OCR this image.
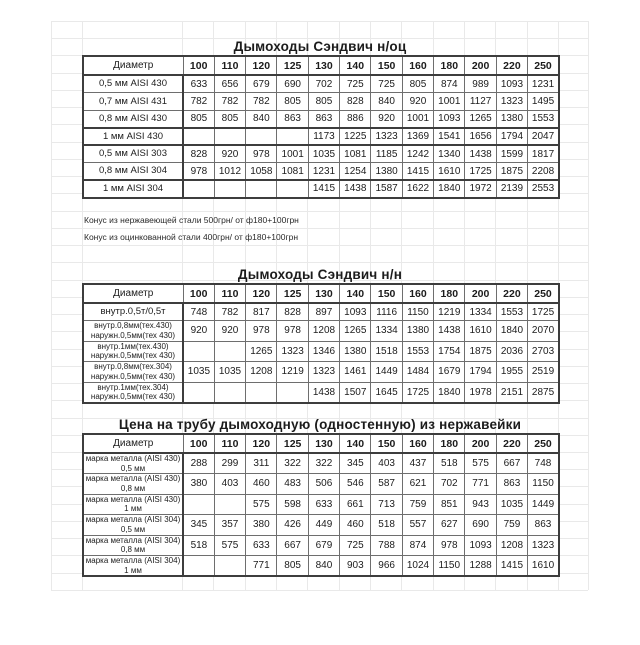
Дымоходы Сэндвич н/оц
Диаметр	100	110	120	125	130	140	150	160	180	200	220	250

0,5 мм AISI 430	633	656	679	690	702	725	725	805	874	989	1093	1231

0,7 мм AISI 431	782	782	782	805	805	828	840	920	1001	1127	1323	1495

0,8 мм AISI 430	805	805	840	863	863	886	920	1001	1093	1265	1380	1553

1 мм AISI 430					1173	1225	1323	1369	1541	1656	1794	2047

0,5 мм AISI 303	828	920	978	1001	1035	1081	1185	1242	1340	1438	1599	1817

0,8 мм AISI 304	978	1012	1058	1081	1231	1254	1380	1415	1610	1725	1875	2208

1 мм AISI 304					1415	1438	1587	1622	1840	1972	2139	2553
Конус из нержавеющей стали 500грн/ от ф180+100грн
Конус из оцинкованной стали 400грн/ от ф180+100грн
Дымоходы Сэндвич н/н
Диаметр	100	110	120	125	130	140	150	160	180	200	220	250

внутр.0,5т/0,5т	748	782	817	828	897	1093	1116	1150	1219	1334	1553	1725

внутр.0,8мм(тех.430)
наружн.0,5мм(тех 430)	920	920	978	978	1208	1265	1334	1380	1438	1610	1840	2070

внутр.1мм(тех.430)
наружн.0,5мм(тех 430)			1265	1323	1346	1380	1518	1553	1754	1875	2036	2703

внутр.0,8мм(тех.304)
наружн.0,5мм(тех 430)	1035	1035	1208	1219	1323	1461	1449	1484	1679	1794	1955	2519

внутр.1мм(тех.304)
наружн.0,5мм(тех 430)					1438	1507	1645	1725	1840	1978	2151	2875
Цена на трубу дымоходную (одностенную) из нержавейки
Диаметр	100	110	120	125	130	140	150	160	180	200	220	250

марка металла (AISI 430)
0,5 мм	288	299	311	322	322	345	403	437	518	575	667	748

марка металла (AISI 430)
0,8 мм	380	403	460	483	506	546	587	621	702	771	863	1150

марка металла (AISI 430)
1 мм			575	598	633	661	713	759	851	943	1035	1449

марка металла (AISI 304)
0,5 мм	345	357	380	426	449	460	518	557	627	690	759	863

марка металла (AISI 304)
0,8 мм	518	575	633	667	679	725	788	874	978	1093	1208	1323

марка металла (AISI 304)
1 мм			771	805	840	903	966	1024	1150	1288	1415	1610
